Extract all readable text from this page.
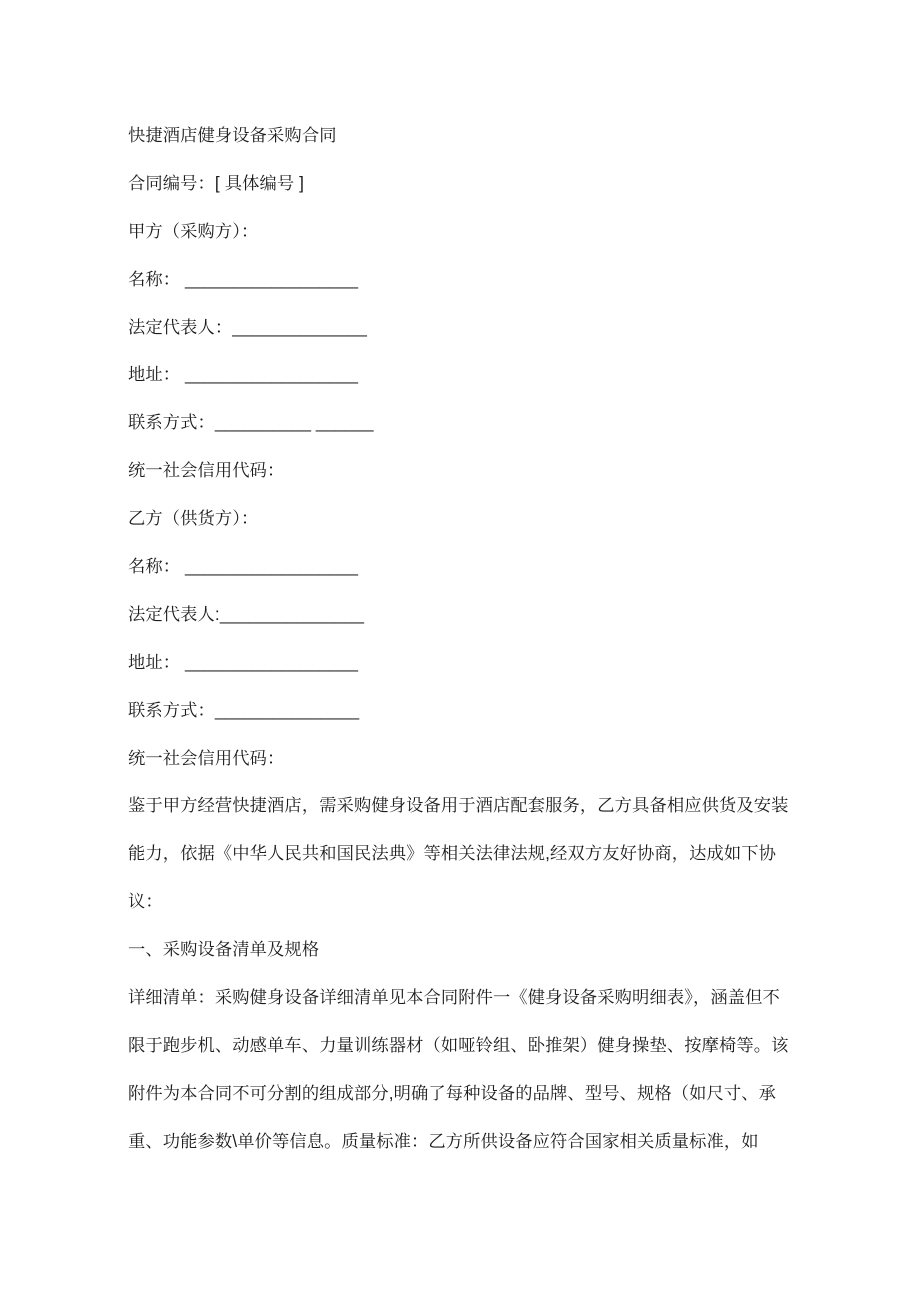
快捷酒店健身设备采购合同
合同编号：[ 具体编号 ]
甲方（采购方）：
名称： __________________
法定代表人：______________
地址： __________________
联系方式：__________ ______
统一社会信用代码：
乙方（供货方）：
名称： __________________
法定代表人:_______________
地址： __________________
联系方式：_______________
统一社会信用代码：
鉴于甲方经营快捷酒店，需采购健身设备用于酒店配套服务，乙方具备相应供货及安装
能力，依据《中华人民共和国民法典》等相关法律法规,经双方友好协商，达成如下协
议：
一、采购设备清单及规格
详细清单：采购健身设备详细清单见本合同附件一《健身设备采购明细表》，涵盖但不
限于跑步机、动感单车、力量训练器材（如哑铃组、卧推架）健身操垫、按摩椅等。该
附件为本合同不可分割的组成部分,明确了每种设备的品牌、型号、规格（如尺寸、承
重、功能参数\单价等信息。质量标准：乙方所供设备应符合国家相关质量标准，如
